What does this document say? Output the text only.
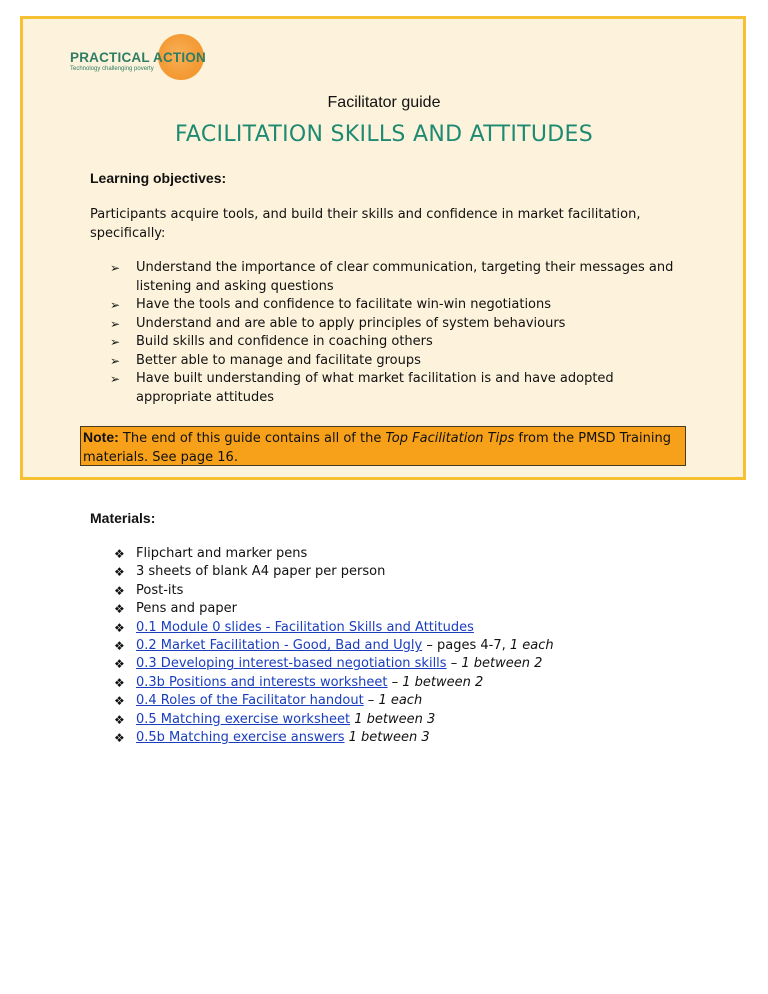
PRACTICAL ACTION
Technology challenging poverty
Facilitator guide
FACILITATION SKILLS AND ATTITUDES
Learning objectives:
Participants acquire tools, and build their skills and confidence in market facilitation, specifically:
➢ Understand the importance of clear communication, targeting their messages and listening and asking questions
➢ Have the tools and confidence to facilitate win-win negotiations
➢ Understand and are able to apply principles of system behaviours
➢ Build skills and confidence in coaching others
➢ Better able to manage and facilitate groups
➢ Have built understanding of what market facilitation is and have adopted appropriate attitudes
Note: The end of this guide contains all of the Top Facilitation Tips from the PMSD Training materials. See page 16.
Materials:
❖ Flipchart and marker pens
❖ 3 sheets of blank A4 paper per person
❖ Post-its
❖ Pens and paper
❖ 0.1 Module 0 slides - Facilitation Skills and Attitudes
❖ 0.2 Market Facilitation - Good, Bad and Ugly – pages 4-7, 1 each
❖ 0.3 Developing interest-based negotiation skills – 1 between 2
❖ 0.3b Positions and interests worksheet – 1 between 2
❖ 0.4 Roles of the Facilitator handout – 1 each
❖ 0.5 Matching exercise worksheet 1 between 3
❖ 0.5b Matching exercise answers 1 between 3
